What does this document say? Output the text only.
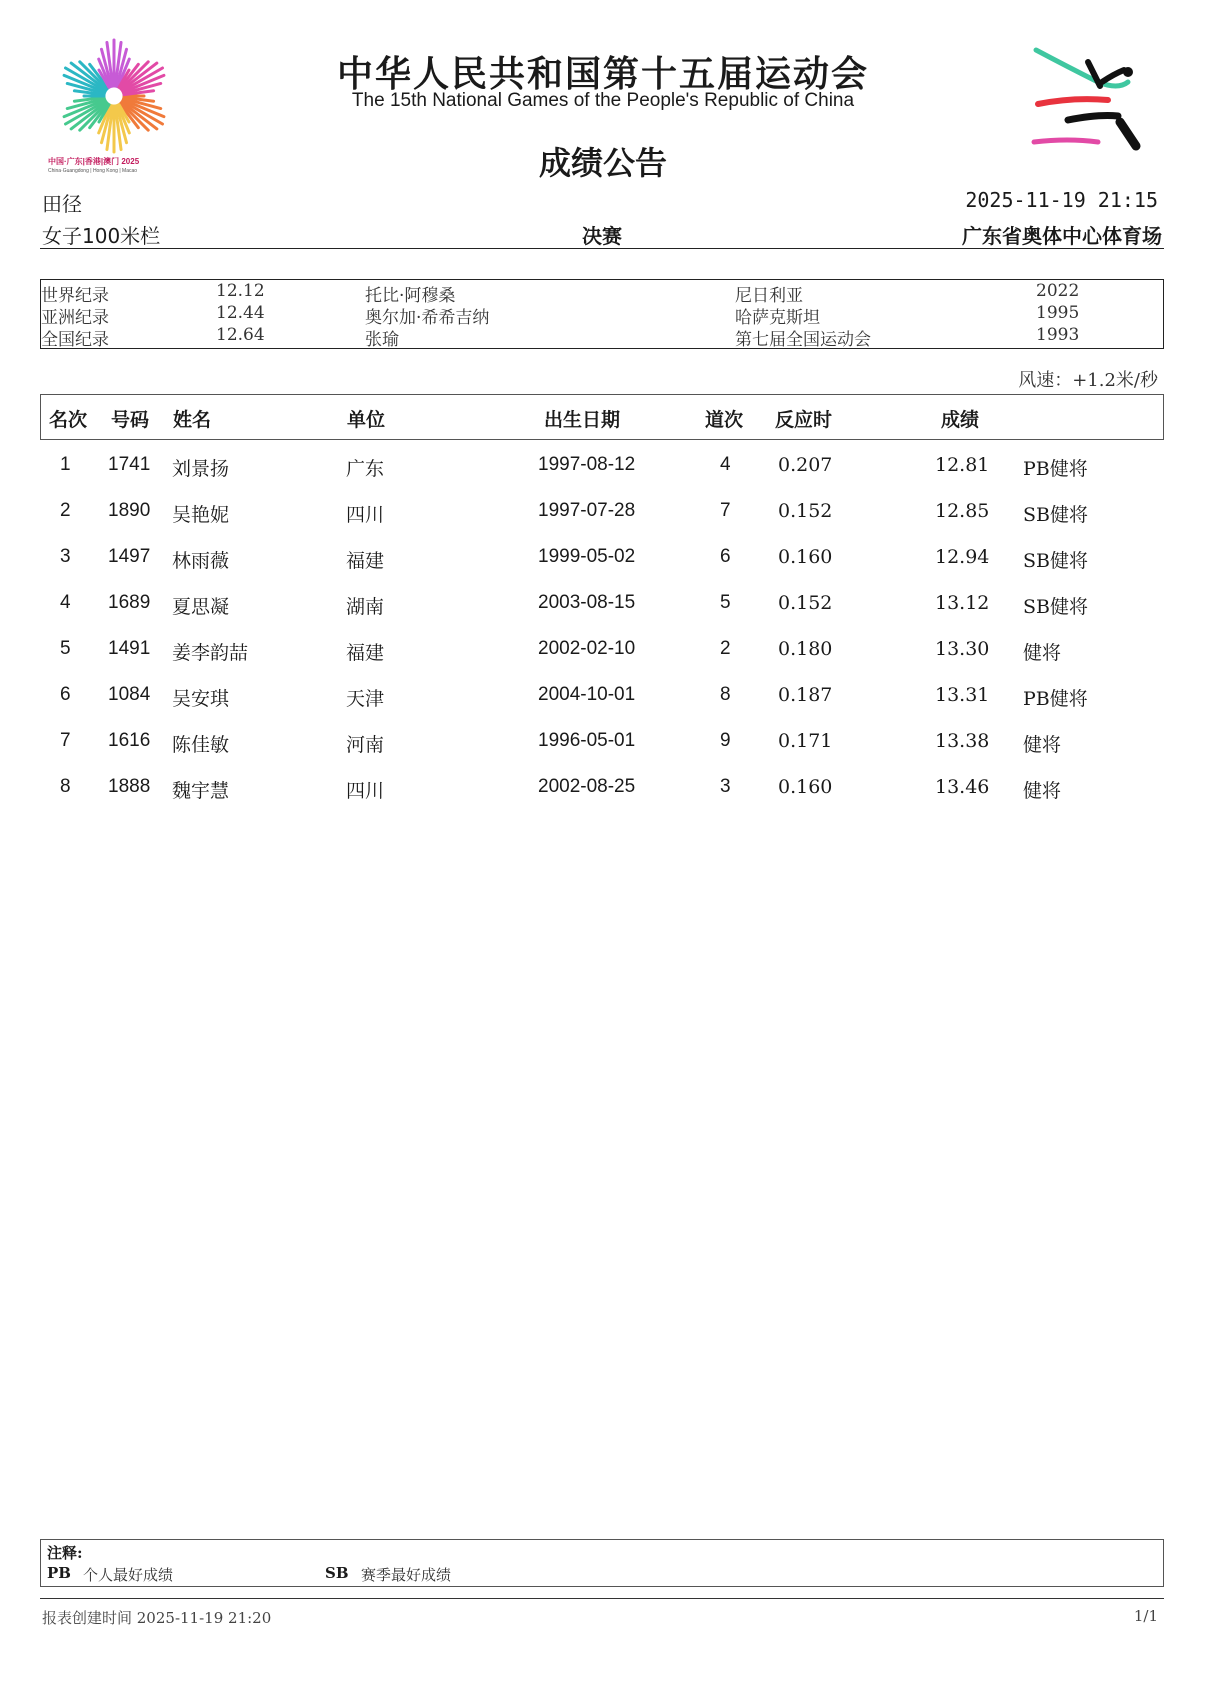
中国·广东|香港|澳门 2025
China·Guangdong | Hong Kong | Macao
中华人民共和国第十五届运动会
The 15th National Games of the People's Republic of China
成绩公告
田径	2025-11-19 21:15
女子100米栏	决赛	广东省奥体中心体育场
世界纪录	12.12	托比·阿穆桑	尼日利亚	2022
亚洲纪录	12.44	奥尔加·希希吉纳	哈萨克斯坦	1995
全国纪录	12.64	张瑜	第七届全国运动会	1993
风速：+1.2米/秒
名次 号码 姓名	单位	出生日期	道次 反应时	成绩
1 1741 刘景扬	广东	1997-08-12	4 0.207	12.81 PB健将
2 1890 吴艳妮	四川	1997-07-28	7 0.152	12.85 SB健将
3 1497 林雨薇	福建	1999-05-02	6 0.160	12.94 SB健将
4 1689 夏思凝	湖南	2003-08-15	5 0.152	13.12 SB健将
5 1491 姜李韵喆	福建	2002-02-10	2 0.180	13.30 健将
6 1084 吴安琪	天津	2004-10-01	8 0.187	13.31 PB健将
7 1616 陈佳敏	河南	1996-05-01	9 0.171	13.38 健将
8 1888 魏宇慧	四川	2002-08-25	3 0.160	13.46 健将
注释:
PB 个人最好成绩	SB 赛季最好成绩
报表创建时间 2025-11-19 21:20	1/1
